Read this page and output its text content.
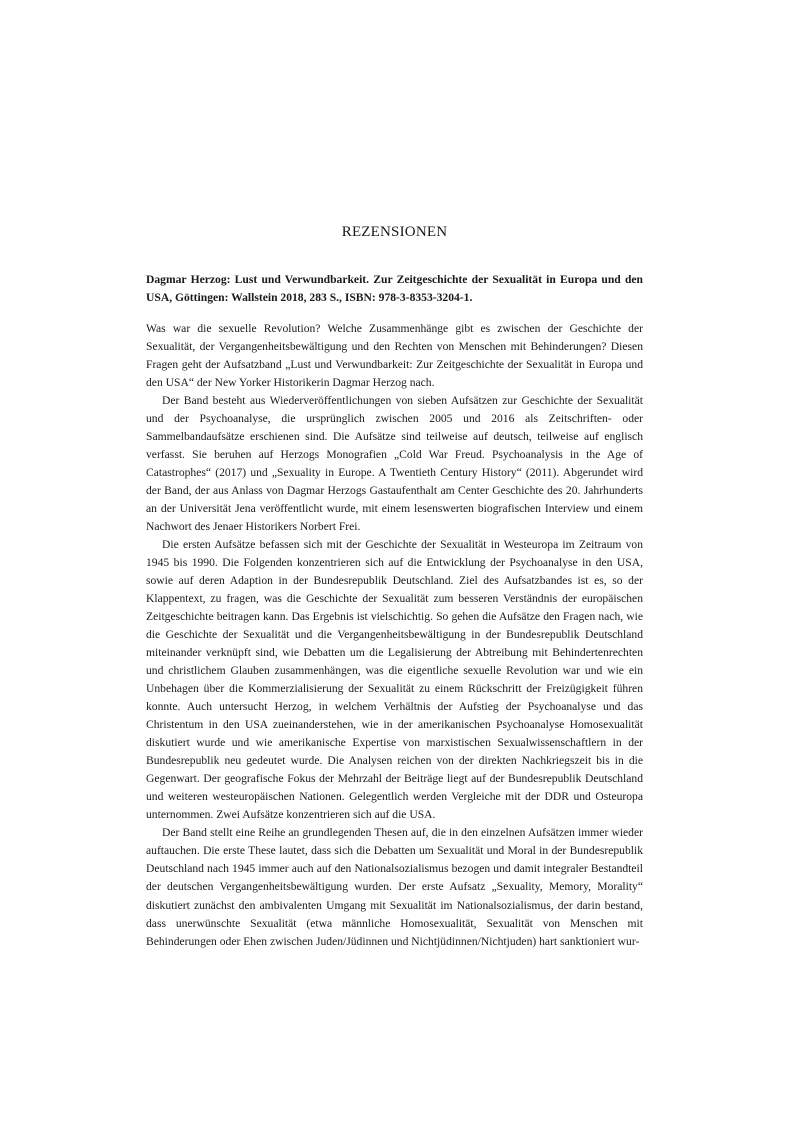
REZENSIONEN
Dagmar Herzog: Lust und Verwundbarkeit. Zur Zeitgeschichte der Sexualität in Europa und den USA, Göttingen: Wallstein 2018, 283 S., ISBN: 978-3-8353-3204-1.

Was war die sexuelle Revolution? Welche Zusammenhänge gibt es zwischen der Geschichte der Sexualität, der Vergangenheitsbewältigung und den Rechten von Menschen mit Behinderungen? Diesen Fragen geht der Aufsatzband „Lust und Verwundbarkeit: Zur Zeitgeschichte der Sexualität in Europa und den USA“ der New Yorker Historikerin Dagmar Herzog nach.

Der Band besteht aus Wiederveröffentlichungen von sieben Aufsätzen zur Geschichte der Sexualität und der Psychoanalyse, die ursprünglich zwischen 2005 und 2016 als Zeitschriften- oder Sammelbandaufsätze erschienen sind. Die Aufsätze sind teilweise auf deutsch, teilweise auf englisch verfasst. Sie beruhen auf Herzogs Monografien „Cold War Freud. Psychoanalysis in the Age of Catastrophes“ (2017) und „Sexuality in Europe. A Twentieth Century History“ (2011). Abgerundet wird der Band, der aus Anlass von Dagmar Herzogs Gastaufenthalt am Center Geschichte des 20. Jahrhunderts an der Universität Jena veröffentlicht wurde, mit einem lesenswerten biografischen Interview und einem Nachwort des Jenaer Historikers Norbert Frei.

Die ersten Aufsätze befassen sich mit der Geschichte der Sexualität in Westeuropa im Zeitraum von 1945 bis 1990. Die Folgenden konzentrieren sich auf die Entwicklung der Psychoanalyse in den USA, sowie auf deren Adaption in der Bundesrepublik Deutschland. Ziel des Aufsatzbandes ist es, so der Klappentext, zu fragen, was die Geschichte der Sexualität zum besseren Verständnis der europäischen Zeitgeschichte beitragen kann. Das Ergebnis ist vielschichtig. So gehen die Aufsätze den Fragen nach, wie die Geschichte der Sexualität und die Vergangenheitsbewältigung in der Bundesrepublik Deutschland miteinander verknüpft sind, wie Debatten um die Legalisierung der Abtreibung mit Behindertenrechten und christlichem Glauben zusammenhängen, was die eigentliche sexuelle Revolution war und wie ein Unbehagen über die Kommerzialisierung der Sexualität zu einem Rückschritt der Freizügigkeit führen konnte. Auch untersucht Herzog, in welchem Verhältnis der Aufstieg der Psychoanalyse und das Christentum in den USA zueinanderstehen, wie in der amerikanischen Psychoanalyse Homosexualität diskutiert wurde und wie amerikanische Expertise von marxistischen Sexualwissenschaftlern in der Bundesrepublik neu gedeutet wurde. Die Analysen reichen von der direkten Nachkriegszeit bis in die Gegenwart. Der geografische Fokus der Mehrzahl der Beiträge liegt auf der Bundesrepublik Deutschland und weiteren westeuropäischen Nationen. Gelegentlich werden Vergleiche mit der DDR und Osteuropa unternommen. Zwei Aufsätze konzentrieren sich auf die USA.

Der Band stellt eine Reihe an grundlegenden Thesen auf, die in den einzelnen Aufsätzen immer wieder auftauchen. Die erste These lautet, dass sich die Debatten um Sexualität und Moral in der Bundesrepublik Deutschland nach 1945 immer auch auf den Nationalsozialismus bezogen und damit integraler Bestandteil der deutschen Vergangenheitsbewältigung wurden. Der erste Aufsatz „Sexuality, Memory, Morality“ diskutiert zunächst den ambivalenten Umgang mit Sexualität im Nationalsozialismus, der darin bestand, dass unerwünschte Sexualität (etwa männliche Homosexualität, Sexualität von Menschen mit Behinderungen oder Ehen zwischen Juden/Jüdinnen und Nichtjüdinnen/Nichtjuden) hart sanktioniert wur-
